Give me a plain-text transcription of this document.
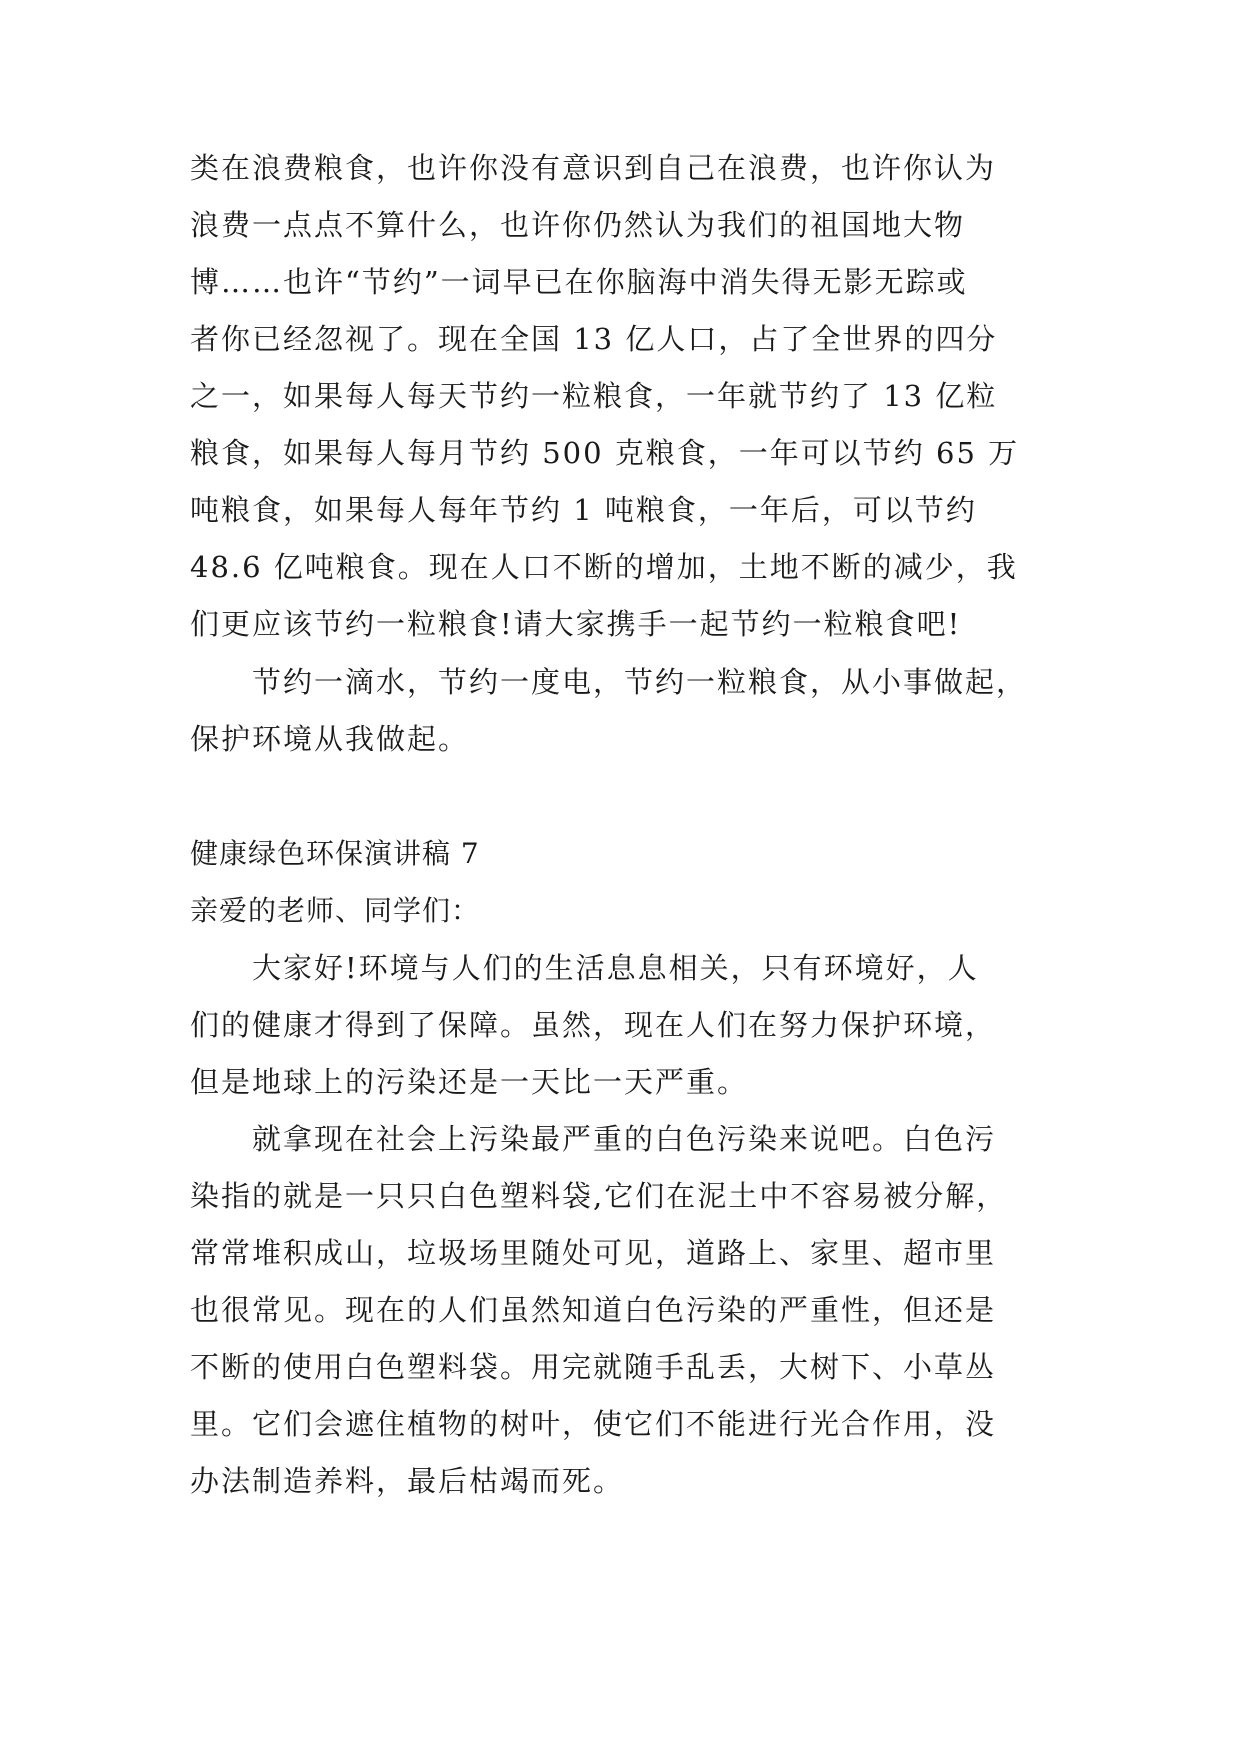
类在浪费粮食，也许你没有意识到自己在浪费，也许你认为

浪费一点点不算什么，也许你仍然认为我们的祖国地大物

博……也许“节约”一词早已在你脑海中消失得无影无踪或

者你已经忽视了。现在全国 13 亿人口，占了全世界的四分

之一，如果每人每天节约一粒粮食，一年就节约了 13 亿粒

粮食，如果每人每月节约 500 克粮食，一年可以节约 65 万

吨粮食，如果每人每年节约 1 吨粮食，一年后，可以节约

48.6 亿吨粮食。现在人口不断的增加，土地不断的减少，我

们更应该节约一粒粮食!请大家携手一起节约一粒粮食吧!

节约一滴水，节约一度电，节约一粒粮食，从小事做起，

保护环境从我做起。

健康绿色环保演讲稿 7

亲爱的老师、同学们：

大家好!环境与人们的生活息息相关，只有环境好，人

们的健康才得到了保障。虽然，现在人们在努力保护环境，

但是地球上的污染还是一天比一天严重。

就拿现在社会上污染最严重的白色污染来说吧。白色污

染指的就是一只只白色塑料袋,它们在泥土中不容易被分解，

常常堆积成山，垃圾场里随处可见，道路上、家里、超市里

也很常见。现在的人们虽然知道白色污染的严重性，但还是

不断的使用白色塑料袋。用完就随手乱丢，大树下、小草丛

里。它们会遮住植物的树叶，使它们不能进行光合作用，没

办法制造养料，最后枯竭而死。
